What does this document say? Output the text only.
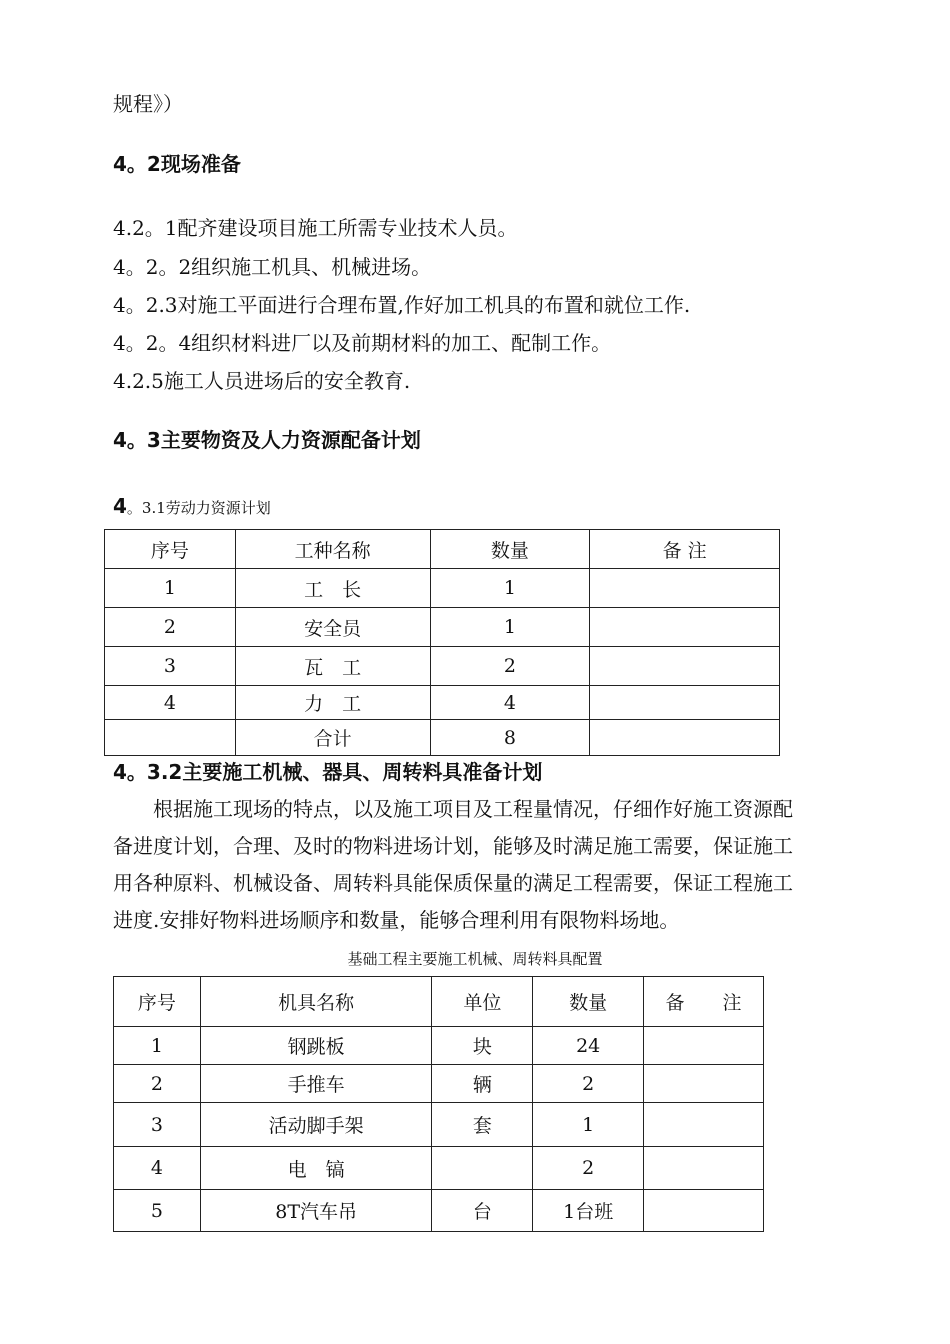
规程》）
4。2现场准备
4.2。1配齐建设项目施工所需专业技术人员。
4。2。2组织施工机具、机械进场。
4。2.3对施工平面进行合理布置,作好加工机具的布置和就位工作.
4。2。4组织材料进厂以及前期材料的加工、配制工作。
4.2.5施工人员进场后的安全教育.
4。3主要物资及人力资源配备计划
4。3.1劳动力资源计划
序号	工种名称	数量	备 注
1	工　长	1	
2	安全员	1	
3	瓦　工	2	
4	力　工	4	
	合计	8	
4。3.2主要施工机械、器具、周转料具准备计划
　　根据施工现场的特点，以及施工项目及工程量情况，仔细作好施工资源配
备进度计划，合理、及时的物料进场计划，能够及时满足施工需要，保证施工
用各种原料、机械设备、周转料具能保质保量的满足工程需要，保证工程施工
进度.安排好物料进场顺序和数量，能够合理利用有限物料场地。
基础工程主要施工机械、周转料具配置
序号	机具名称	单位	数量	备　　注
1	钢跳板	块	24	
2	手推车	辆	2	
3	活动脚手架	套	1	
4	电　镐		2	
5	8T汽车吊	台	1台班	
